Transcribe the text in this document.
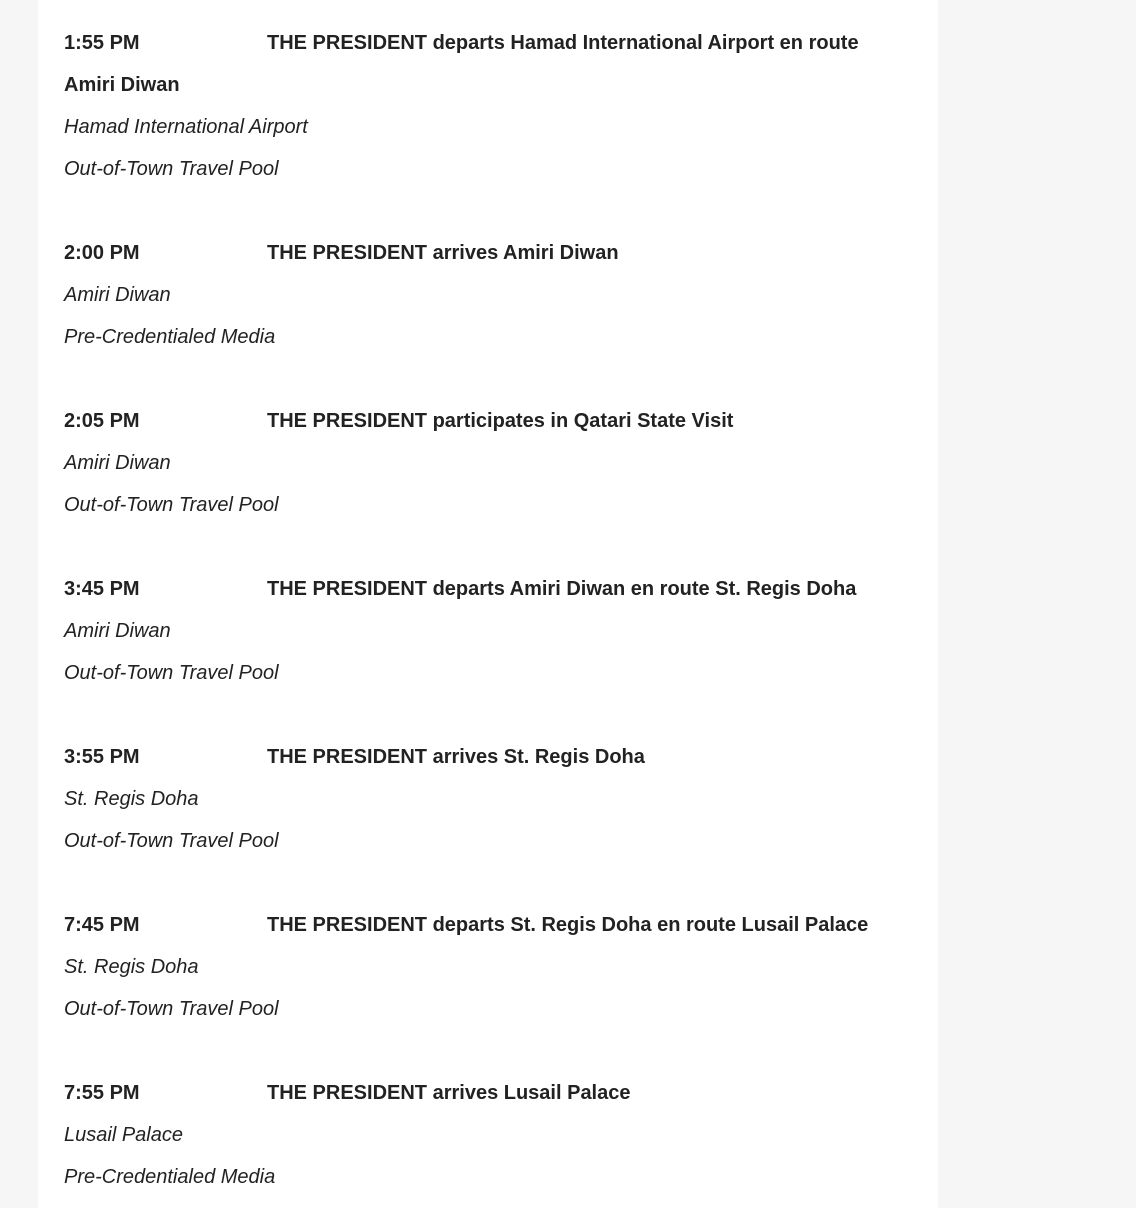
1:55 PM	THE PRESIDENT departs Hamad International Airport en route
Amiri Diwan
Hamad International Airport
Out-of-Town Travel Pool
2:00 PM	THE PRESIDENT arrives Amiri Diwan
Amiri Diwan
Pre-Credentialed Media
2:05 PM	THE PRESIDENT participates in Qatari State Visit
Amiri Diwan
Out-of-Town Travel Pool
3:45 PM	THE PRESIDENT departs Amiri Diwan en route St. Regis Doha
Amiri Diwan
Out-of-Town Travel Pool
3:55 PM	THE PRESIDENT arrives St. Regis Doha
St. Regis Doha
Out-of-Town Travel Pool
7:45 PM	THE PRESIDENT departs St. Regis Doha en route Lusail Palace
St. Regis Doha
Out-of-Town Travel Pool
7:55 PM	THE PRESIDENT arrives Lusail Palace
Lusail Palace
Pre-Credentialed Media
